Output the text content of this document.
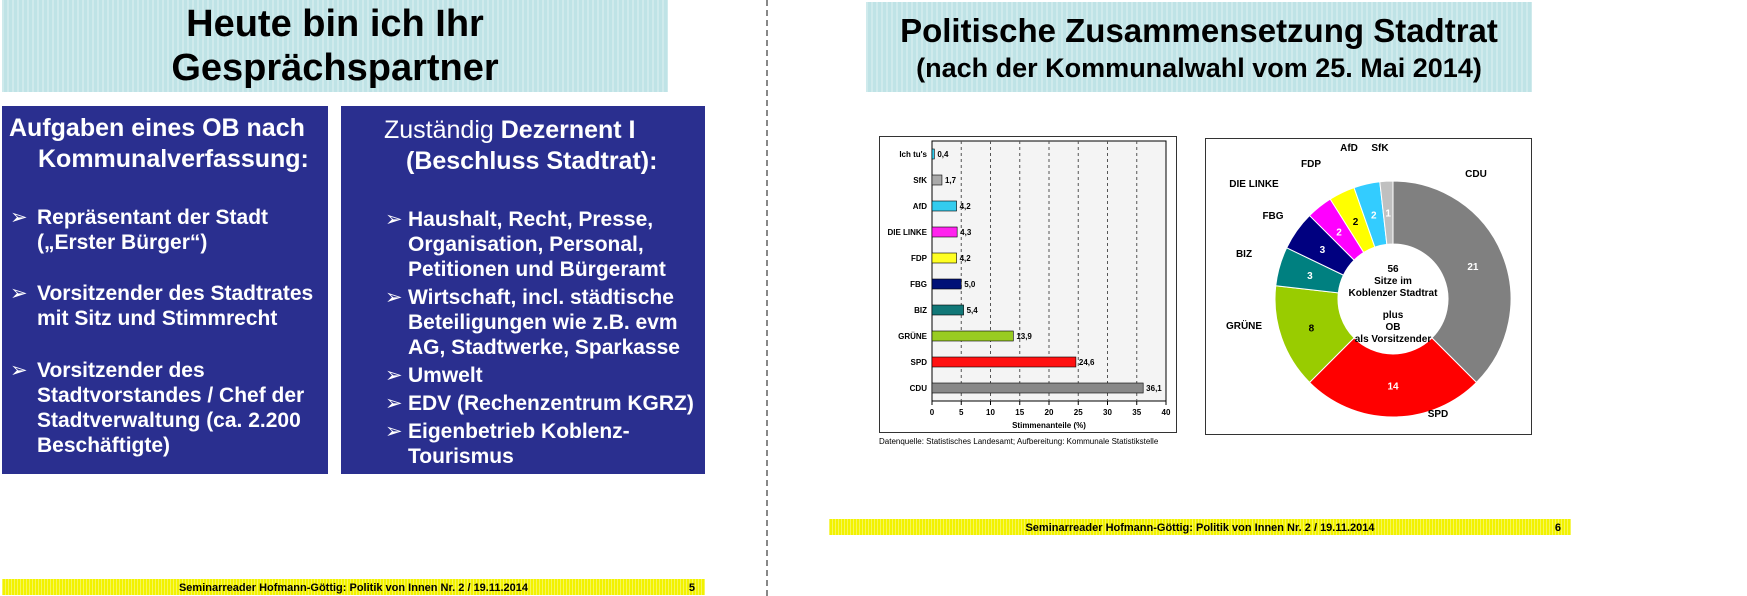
Heute bin ich Ihr
Gesprächspartner
Aufgaben eines OB nach
Kommunalverfassung:
➢ Repräsentant der Stadt
(„Erster Bürger“)
➢ Vorsitzender des Stadtrates
mit Sitz und Stimmrecht
➢ Vorsitzender des
Stadtvorstandes / Chef der
Stadtverwaltung (ca. 2.200
Beschäftigte)
Zuständig Dezernent I
(Beschluss Stadtrat):
➢ Haushalt, Recht, Presse,
Organisation, Personal,
Petitionen und Bürgeramt
➢ Wirtschaft, incl. städtische
Beteiligungen wie z.B. evm
AG, Stadtwerke, Sparkasse
➢ Umwelt
➢ EDV (Rechenzentrum KGRZ)
➢ Eigenbetrieb Koblenz-
Tourismus
Seminarreader Hofmann-Göttig: Politik von Innen Nr. 2 / 19.11.2014	5
Politische Zusammensetzung Stadtrat
(nach der Kommunalwahl vom 25. Mai 2014)
0	5	10	15	20	25	30	35	40
Stimmenanteile (%)
Ich tu's 0,4
SfK 1,7
AfD	4,2
DIE LINKE	4,3
FDP	4,2
FBG	5,0
BIZ	5,4
GRÜNE	13,9
SPD	24,6
CDU	36,1
Datenquelle: Statistisches Landesamt; Aufbereitung: Kommunale Statistikstelle
21
CDU
14
SPD
8
GRÜNE
3
BIZ	3
FBG
2
DIE LINKE
2
FDP
2
AfD
1
SfK
56
Sitze im
Koblenzer Stadtrat
plus
OB
als Vorsitzender
Seminarreader Hofmann-Göttig: Politik von Innen Nr. 2 / 19.11.2014	6
